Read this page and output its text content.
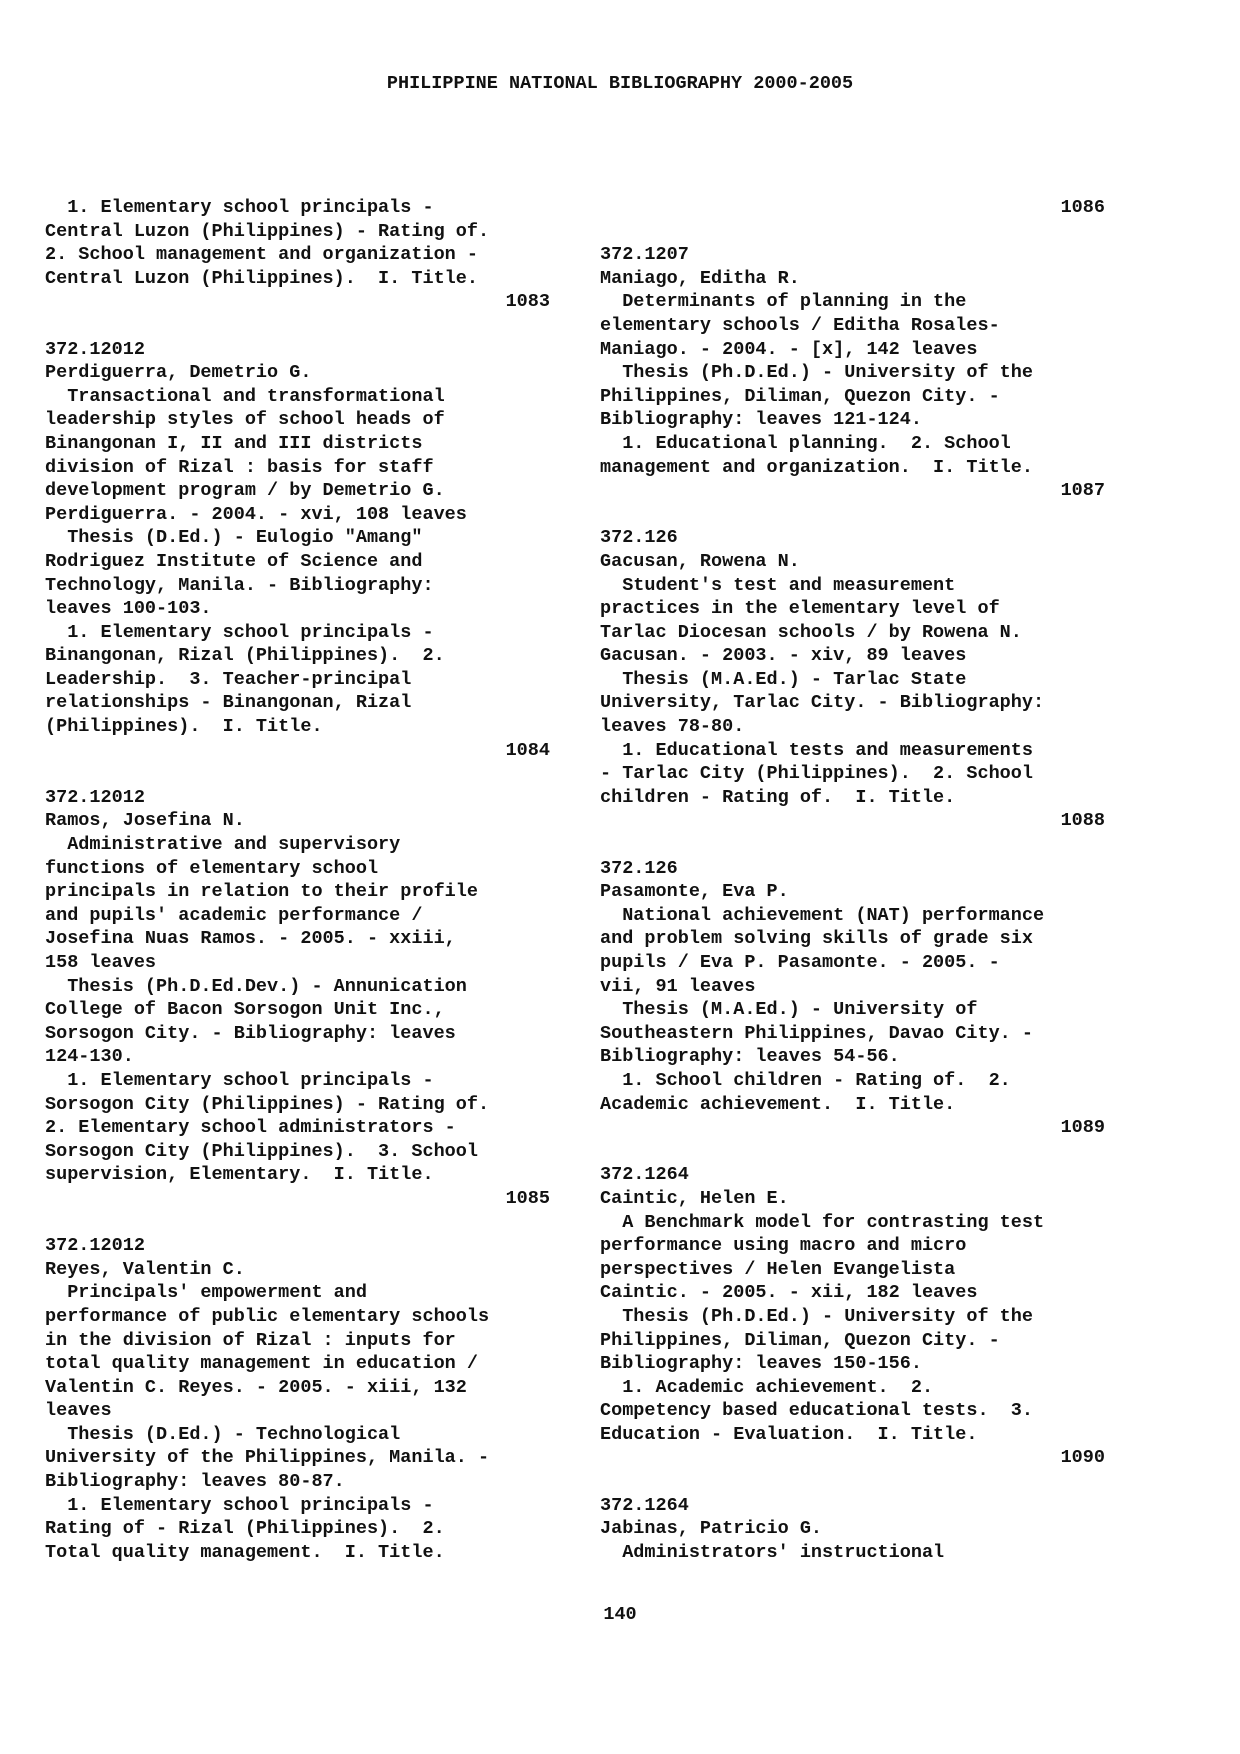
PHILIPPINE NATIONAL BIBLIOGRAPHY 2000-2005
1. Elementary school principals -
Central Luzon (Philippines) - Rating of.
2. School management and organization -
Central Luzon (Philippines).  I. Title.
1083
372.12012
Perdiguerra, Demetrio G.
Transactional and transformational
leadership styles of school heads of
Binangonan I, II and III districts
division of Rizal : basis for staff
development program / by Demetrio G.
Perdiguerra. - 2004. - xvi, 108 leaves
Thesis (D.Ed.) - Eulogio "Amang"
Rodriguez Institute of Science and
Technology, Manila. - Bibliography:
leaves 100-103.
1. Elementary school principals -
Binangonan, Rizal (Philippines).  2.
Leadership.  3. Teacher-principal
relationships - Binangonan, Rizal
(Philippines).  I. Title.
1084
372.12012
Ramos, Josefina N.
Administrative and supervisory
functions of elementary school
principals in relation to their profile
and pupils' academic performance /
Josefina Nuas Ramos. - 2005. - xxiii,
158 leaves
Thesis (Ph.D.Ed.Dev.) - Annunication
College of Bacon Sorsogon Unit Inc.,
Sorsogon City. - Bibliography: leaves
124-130.
1. Elementary school principals -
Sorsogon City (Philippines) - Rating of.
2. Elementary school administrators -
Sorsogon City (Philippines).  3. School
supervision, Elementary.  I. Title.
1085
372.12012
Reyes, Valentin C.
Principals' empowerment and
performance of public elementary schools
in the division of Rizal : inputs for
total quality management in education /
Valentin C. Reyes. - 2005. - xiii, 132
leaves
Thesis (D.Ed.) - Technological
University of the Philippines, Manila. -
Bibliography: leaves 80-87.
1. Elementary school principals -
Rating of - Rizal (Philippines).  2.
Total quality management.  I. Title.
1086
372.1207
Maniago, Editha R.
Determinants of planning in the
elementary schools / Editha Rosales-
Maniago. - 2004. - [x], 142 leaves
Thesis (Ph.D.Ed.) - University of the
Philippines, Diliman, Quezon City. -
Bibliography: leaves 121-124.
1. Educational planning.  2. School
management and organization.  I. Title.
1087
372.126
Gacusan, Rowena N.
Student's test and measurement
practices in the elementary level of
Tarlac Diocesan schools / by Rowena N.
Gacusan. - 2003. - xiv, 89 leaves
Thesis (M.A.Ed.) - Tarlac State
University, Tarlac City. - Bibliography:
leaves 78-80.
1. Educational tests and measurements
- Tarlac City (Philippines).  2. School
children - Rating of.  I. Title.
1088
372.126
Pasamonte, Eva P.
National achievement (NAT) performance
and problem solving skills of grade six
pupils / Eva P. Pasamonte. - 2005. -
vii, 91 leaves
Thesis (M.A.Ed.) - University of
Southeastern Philippines, Davao City. -
Bibliography: leaves 54-56.
1. School children - Rating of.  2.
Academic achievement.  I. Title.
1089
372.1264
Caintic, Helen E.
A Benchmark model for contrasting test
performance using macro and micro
perspectives / Helen Evangelista
Caintic. - 2005. - xii, 182 leaves
Thesis (Ph.D.Ed.) - University of the
Philippines, Diliman, Quezon City. -
Bibliography: leaves 150-156.
1. Academic achievement.  2.
Competency based educational tests.  3.
Education - Evaluation.  I. Title.
1090
372.1264
Jabinas, Patricio G.
Administrators' instructional
140
